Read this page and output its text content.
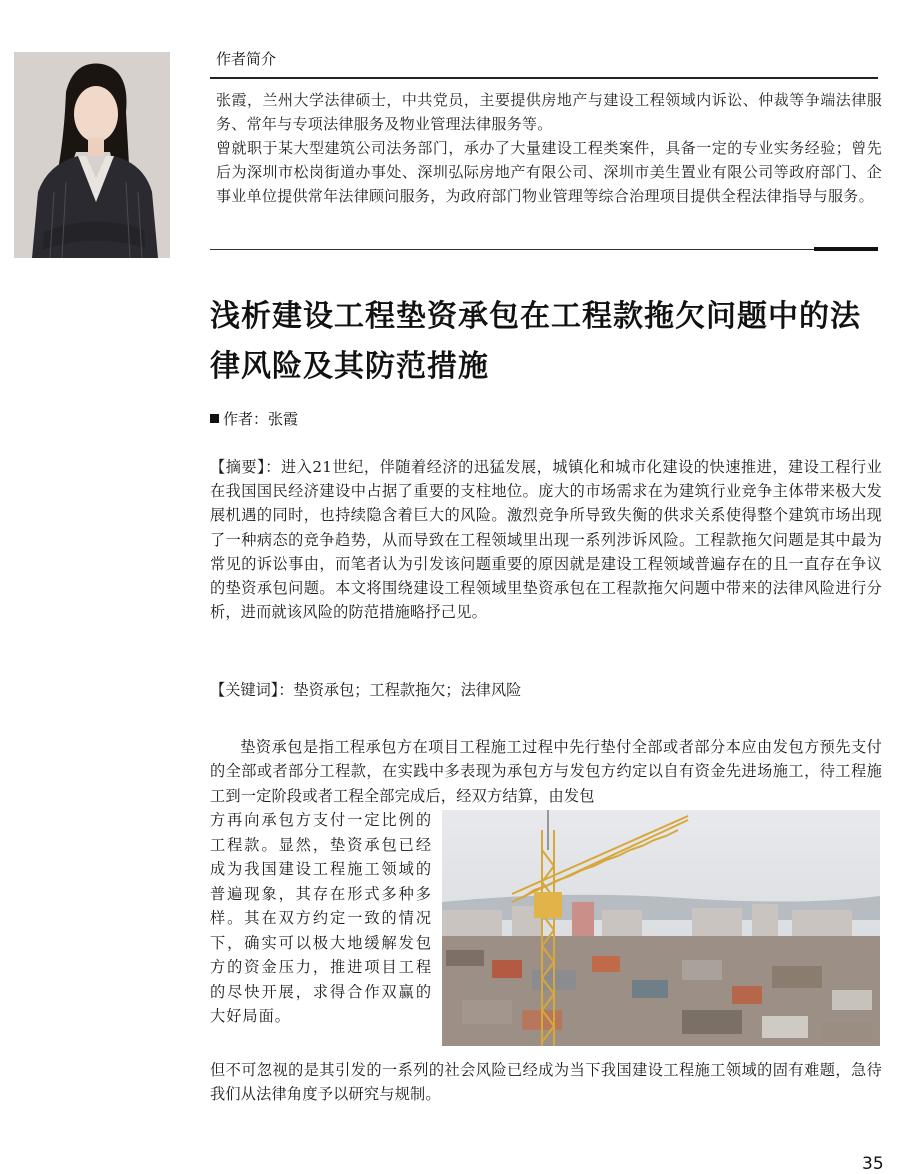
作者简介
张霞，兰州大学法律硕士，中共党员，主要提供房地产与建设工程领域内诉讼、仲裁等争端法律服务、常年与专项法律服务及物业管理法律服务等。
曾就职于某大型建筑公司法务部门，承办了大量建设工程类案件，具备一定的专业实务经验；曾先后为深圳市松岗街道办事处、深圳弘际房地产有限公司、深圳市美生置业有限公司等政府部门、企事业单位提供常年法律顾问服务，为政府部门物业管理等综合治理项目提供全程法律指导与服务。
浅析建设工程垫资承包在工程款拖欠问题中的法律风险及其防范措施
作者：张霞
【摘要】：进入21世纪，伴随着经济的迅猛发展，城镇化和城市化建设的快速推进，建设工程行业在我国国民经济建设中占据了重要的支柱地位。庞大的市场需求在为建筑行业竞争主体带来极大发展机遇的同时，也持续隐含着巨大的风险。激烈竞争所导致失衡的供求关系使得整个建筑市场出现了一种病态的竞争趋势，从而导致在工程领域里出现一系列涉诉风险。工程款拖欠问题是其中最为常见的诉讼事由，而笔者认为引发该问题重要的原因就是建设工程领域普遍存在的且一直存在争议的垫资承包问题。本文将围绕建设工程领域里垫资承包在工程款拖欠问题中带来的法律风险进行分析，进而就该风险的防范措施略抒己见。
【关键词】：垫资承包；工程款拖欠；法律风险
垫资承包是指工程承包方在项目工程施工过程中先行垫付全部或者部分本应由发包方预先支付的全部或者部分工程款，在实践中多表现为承包方与发包方约定以自有资金先进场施工，待工程施工到一定阶段或者工程全部完成后，经双方结算，由发包
方再向承包方支付一定比例的工程款。显然，垫资承包已经成为我国建设工程施工领域的普遍现象，其存在形式多种多样。其在双方约定一致的情况下，确实可以极大地缓解发包方的资金压力，推进项目工程的尽快开展，求得合作双赢的大好局面。
但不可忽视的是其引发的一系列的社会风险已经成为当下我国建设工程施工领域的固有难题，急待我们从法律角度予以研究与规制。
35
